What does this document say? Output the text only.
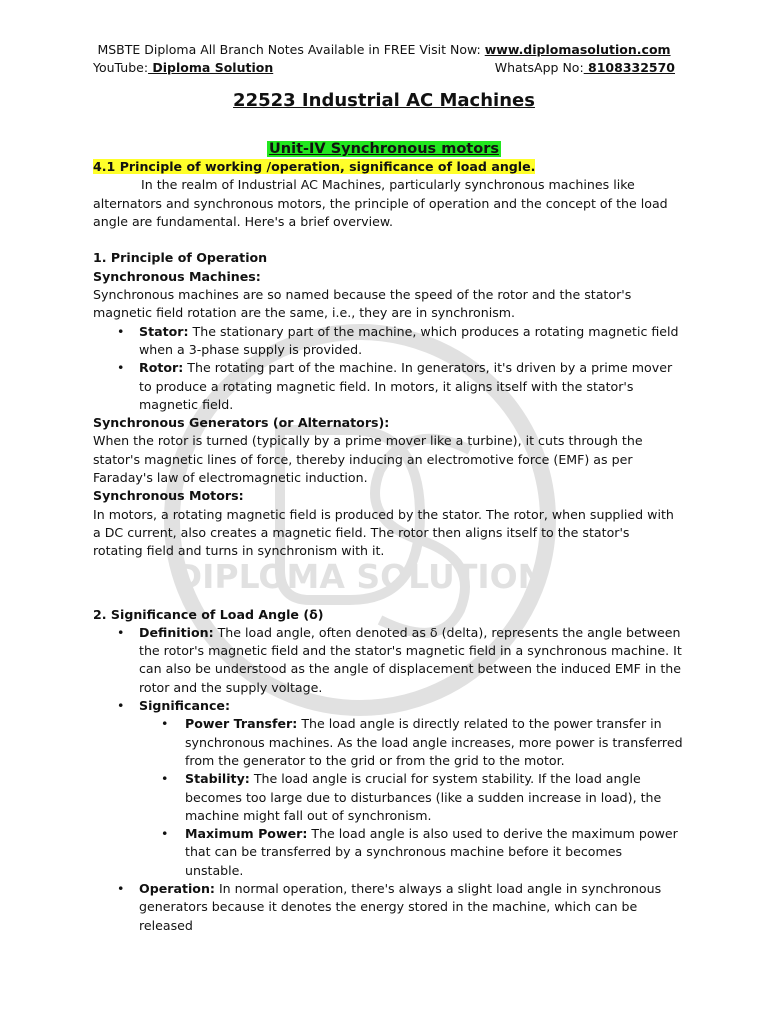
DIPLOMA SOLUTION
MSBTE Diploma All Branch Notes Available in FREE Visit Now: www.diplomasolution.com
YouTube: Diploma Solution	WhatsApp No: 8108332570
22523 Industrial AC Machines
Unit-IV Synchronous motors

4.1 Principle of working /operation, significance of load angle.

In the realm of Industrial AC Machines, particularly synchronous machines like alternators and synchronous motors, the principle of operation and the concept of the load angle are fundamental. Here's a brief overview.

1. Principle of Operation

Synchronous Machines:

Synchronous machines are so named because the speed of the rotor and the stator's magnetic field rotation are the same, i.e., they are in synchronism.

• Stator: The stationary part of the machine, which produces a rotating magnetic field when a 3-phase supply is provided.
• Rotor: The rotating part of the machine. In generators, it's driven by a prime mover to produce a rotating magnetic field. In motors, it aligns itself with the stator's magnetic field.

Synchronous Generators (or Alternators):

When the rotor is turned (typically by a prime mover like a turbine), it cuts through the stator's magnetic lines of force, thereby inducing an electromotive force (EMF) as per Faraday's law of electromagnetic induction.

Synchronous Motors:

In motors, a rotating magnetic field is produced by the stator. The rotor, when supplied with a DC current, also creates a magnetic field. The rotor then aligns itself to the stator's rotating field and turns in synchronism with it.

2. Significance of Load Angle (δ)

• Definition: The load angle, often denoted as δ (delta), represents the angle between the rotor's magnetic field and the stator's magnetic field in a synchronous machine. It can also be understood as the angle of displacement between the induced EMF in the rotor and the supply voltage.
• Significance:
• Power Transfer: The load angle is directly related to the power transfer in synchronous machines. As the load angle increases, more power is transferred from the generator to the grid or from the grid to the motor.
• Stability: The load angle is crucial for system stability. If the load angle becomes too large due to disturbances (like a sudden increase in load), the machine might fall out of synchronism.
• Maximum Power: The load angle is also used to derive the maximum power that can be transferred by a synchronous machine before it becomes unstable.
• Operation: In normal operation, there's always a slight load angle in synchronous generators because it denotes the energy stored in the machine, which can be released
